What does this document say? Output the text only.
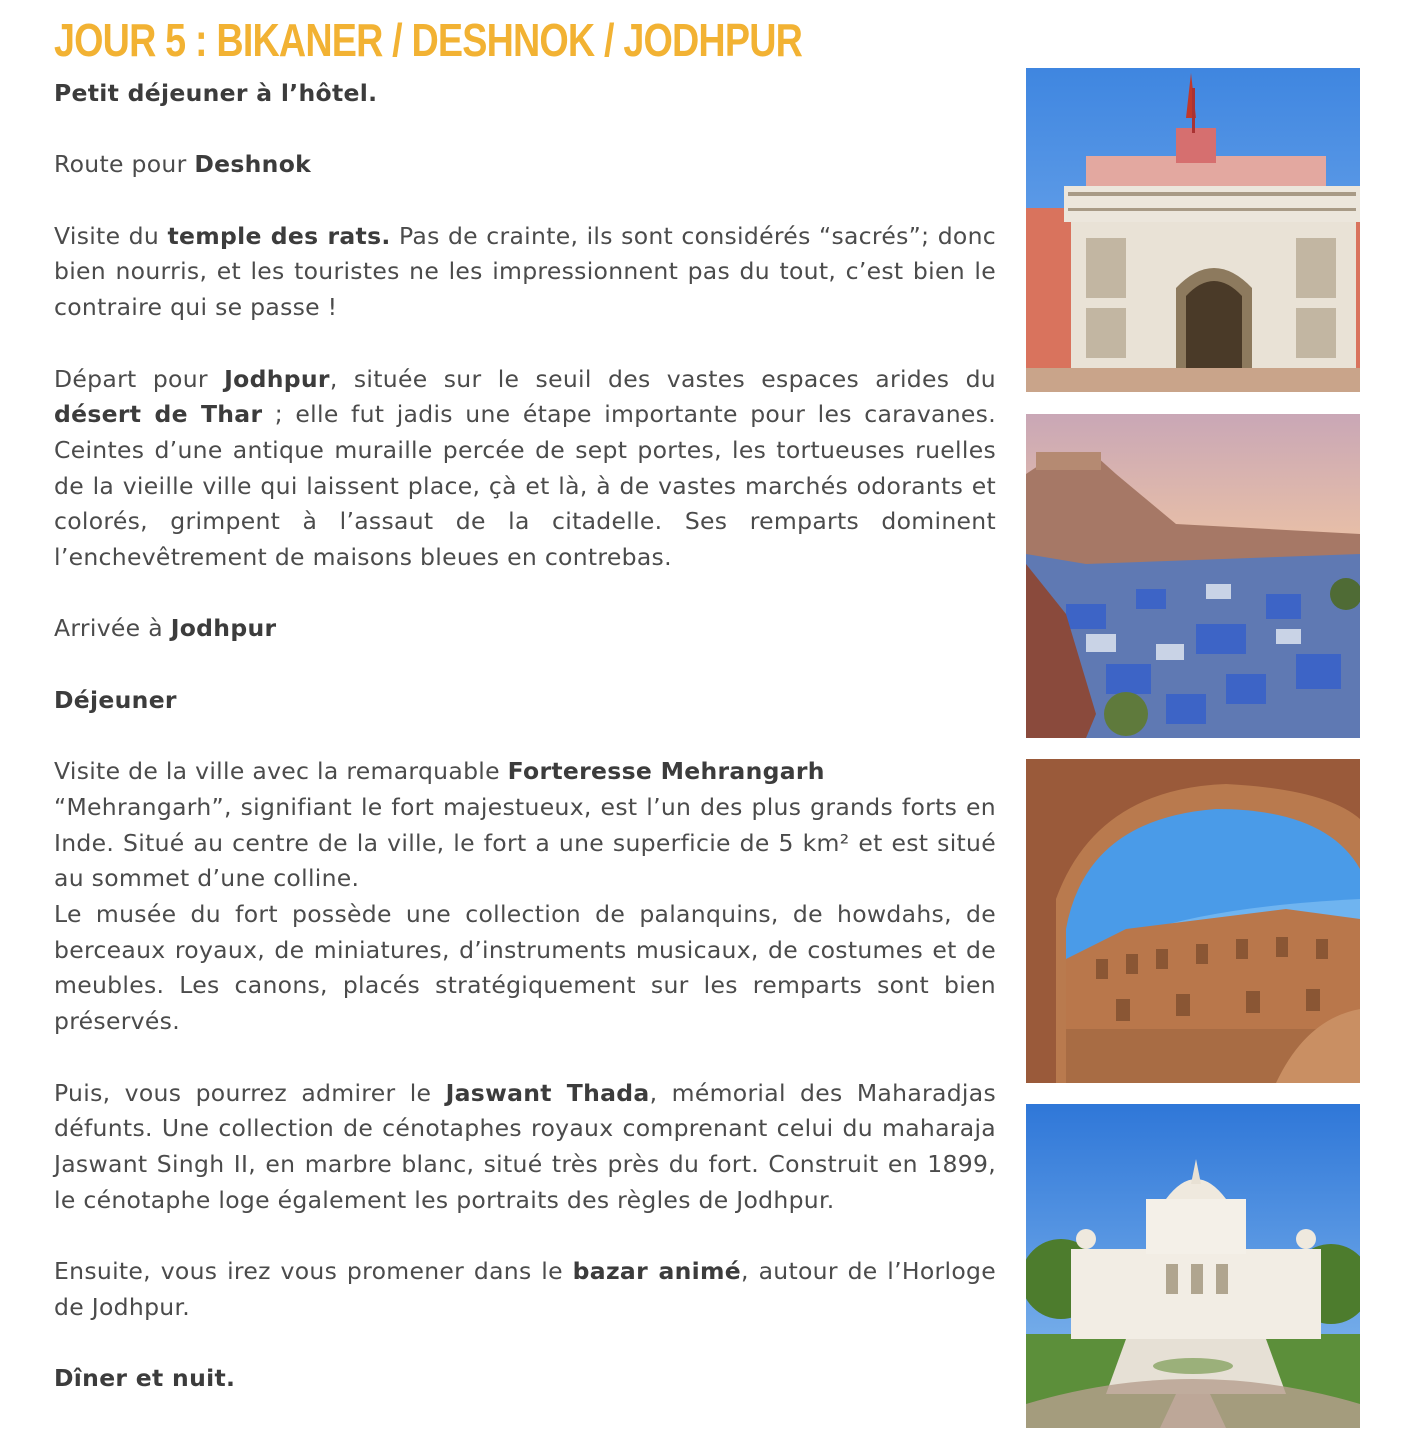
JOUR 5 : BIKANER / DESHNOK / JODHPUR

Petit déjeuner à l’hôtel.

Route pour Deshnok

Visite du temple des rats. Pas de crainte, ils sont considérés “sacrés”; donc bien nourris, et les touristes ne les impressionnent pas du tout, c’est bien le contraire qui se passe !

Départ pour Jodhpur, située sur le seuil des vastes espaces arides du désert de Thar ; elle fut jadis une étape importante pour les caravanes. Ceintes d’une antique muraille percée de sept portes, les tortueuses ruelles de la vieille ville qui laissent place, çà et là, à de vastes marchés odorants et colorés, grimpent à l’assaut de la citadelle. Ses remparts dominent l’enchevêtrement de maisons bleues en contrebas.

Arrivée à Jodhpur

Déjeuner

Visite de la ville avec la remarquable Forteresse Mehrangarh
“Mehrangarh”, signifiant le fort majestueux, est l’un des plus grands forts en Inde. Situé au centre de la ville, le fort a une superficie de 5 km² et est situé au sommet d’une colline.
Le musée du fort possède une collection de palanquins, de howdahs, de berceaux royaux, de miniatures, d’instruments musicaux, de costumes et de meubles. Les canons, placés stratégiquement sur les remparts sont bien préservés.

Puis, vous pourrez admirer le Jaswant Thada, mémorial des Maharadjas défunts. Une collection de cénotaphes royaux comprenant celui du maharaja Jaswant Singh II, en marbre blanc, situé très près du fort. Construit en 1899, le cénotaphe loge également les portraits des règles de Jodhpur.

Ensuite, vous irez vous promener dans le bazar animé, autour de l’Horloge de Jodhpur.

Dîner et nuit.
